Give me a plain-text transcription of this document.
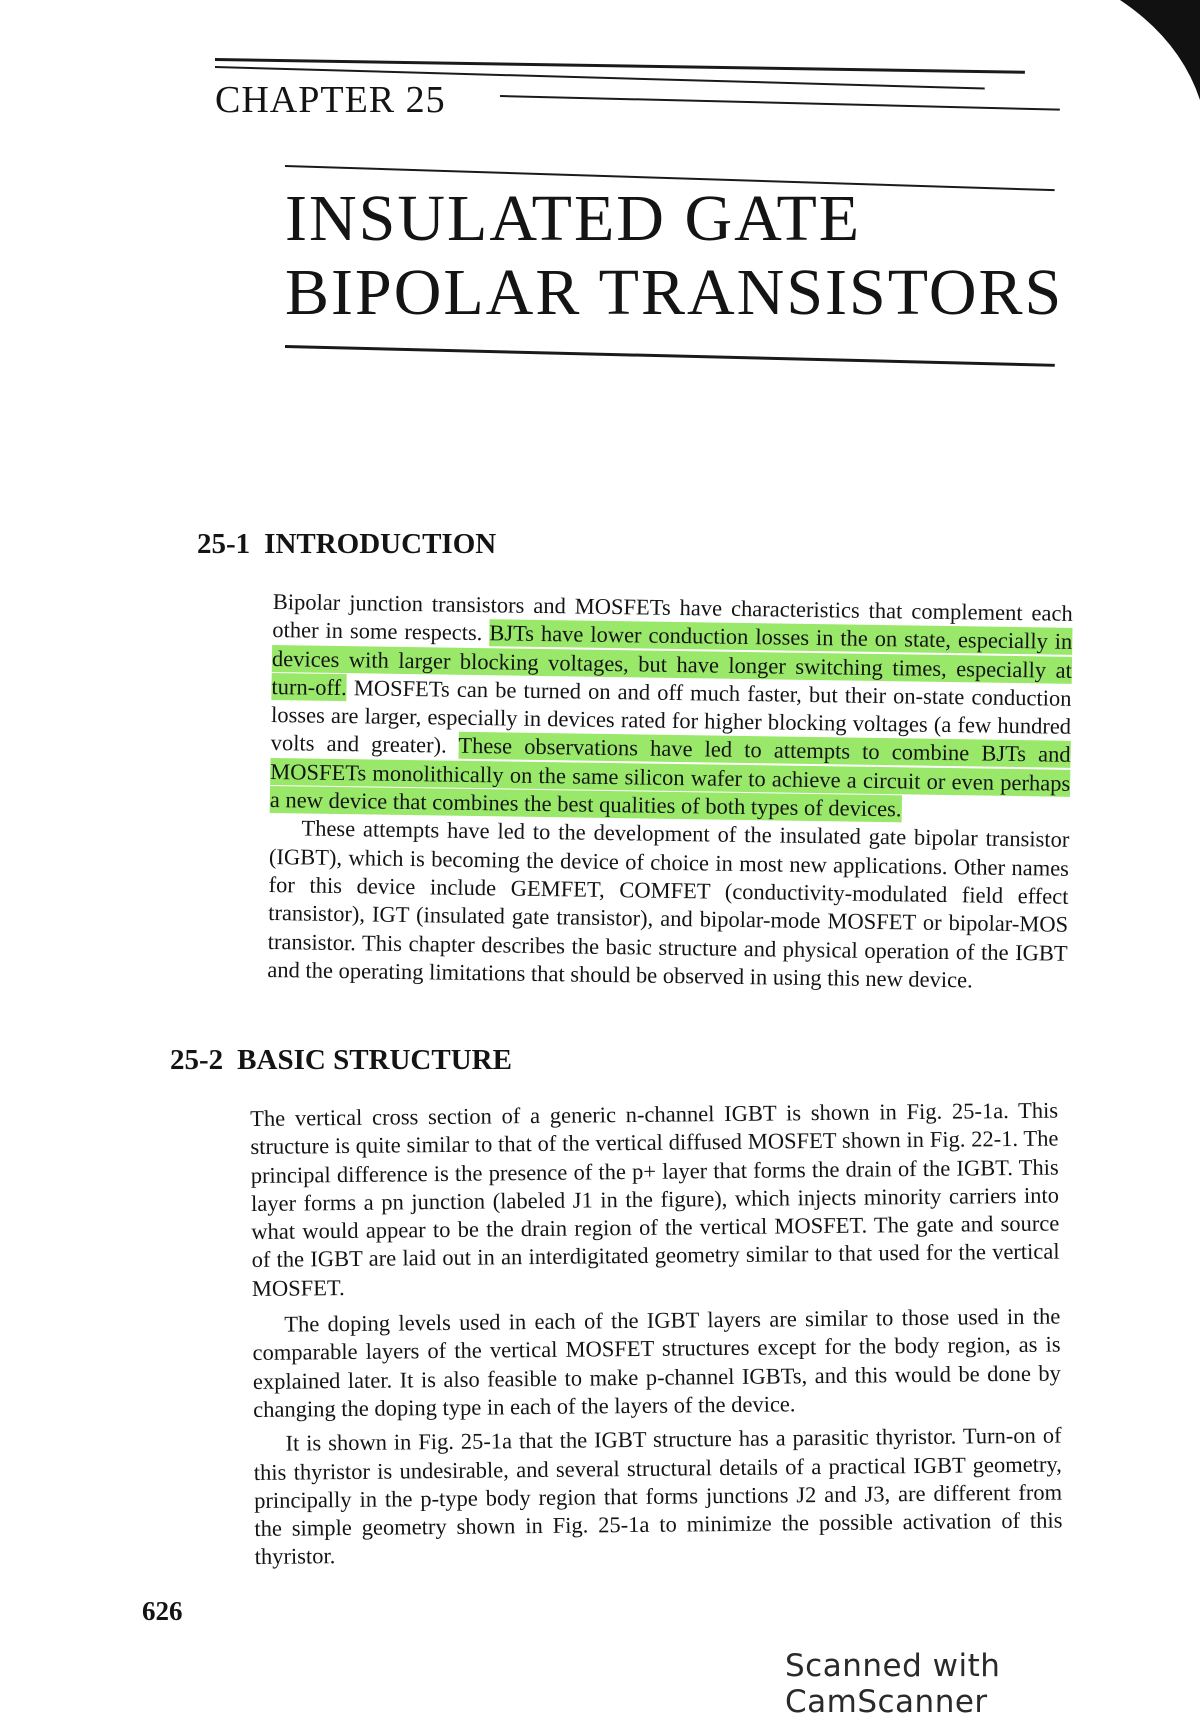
CHAPTER 25
INSULATED GATE
BIPOLAR TRANSISTORS
25-1 INTRODUCTION

Bipolar junction transistors and MOSFETs have characteristics that complement each other in some respects. BJTs have lower conduction losses in the on state, especially in devices with larger blocking voltages, but have longer switching times, especially at turn-off. MOSFETs can be turned on and off much faster, but their on-state conduction losses are larger, especially in devices rated for higher blocking voltages (a few hundred volts and greater). These observations have led to attempts to combine BJTs and MOSFETs monolithically on the same silicon wafer to achieve a circuit or even perhaps a new device that combines the best qualities of both types of devices.

These attempts have led to the development of the insulated gate bipolar transistor (IGBT), which is becoming the device of choice in most new applications. Other names for this device include GEMFET, COMFET (conductivity-modulated field effect transistor), IGT (insulated gate transistor), and bipolar-mode MOSFET or bipolar-MOS transistor. This chapter describes the basic structure and physical operation of the IGBT and the operating limitations that should be observed in using this new device.

25-2 BASIC STRUCTURE

The vertical cross section of a generic n-channel IGBT is shown in Fig. 25-1a. This structure is quite similar to that of the vertical diffused MOSFET shown in Fig. 22-1. The principal difference is the presence of the p+ layer that forms the drain of the IGBT. This layer forms a pn junction (labeled J1 in the figure), which injects minority carriers into what would appear to be the drain region of the vertical MOSFET. The gate and source of the IGBT are laid out in an interdigitated geometry similar to that used for the vertical MOSFET.

The doping levels used in each of the IGBT layers are similar to those used in the comparable layers of the vertical MOSFET structures except for the body region, as is explained later. It is also feasible to make p-channel IGBTs, and this would be done by changing the doping type in each of the layers of the device.

It is shown in Fig. 25-1a that the IGBT structure has a parasitic thyristor. Turn-on of this thyristor is undesirable, and several structural details of a practical IGBT geometry, principally in the p-type body region that forms junctions J2 and J3, are different from the simple geometry shown in Fig. 25-1a to minimize the possible activation of this thyristor.

626
Scanned with CamScanner
